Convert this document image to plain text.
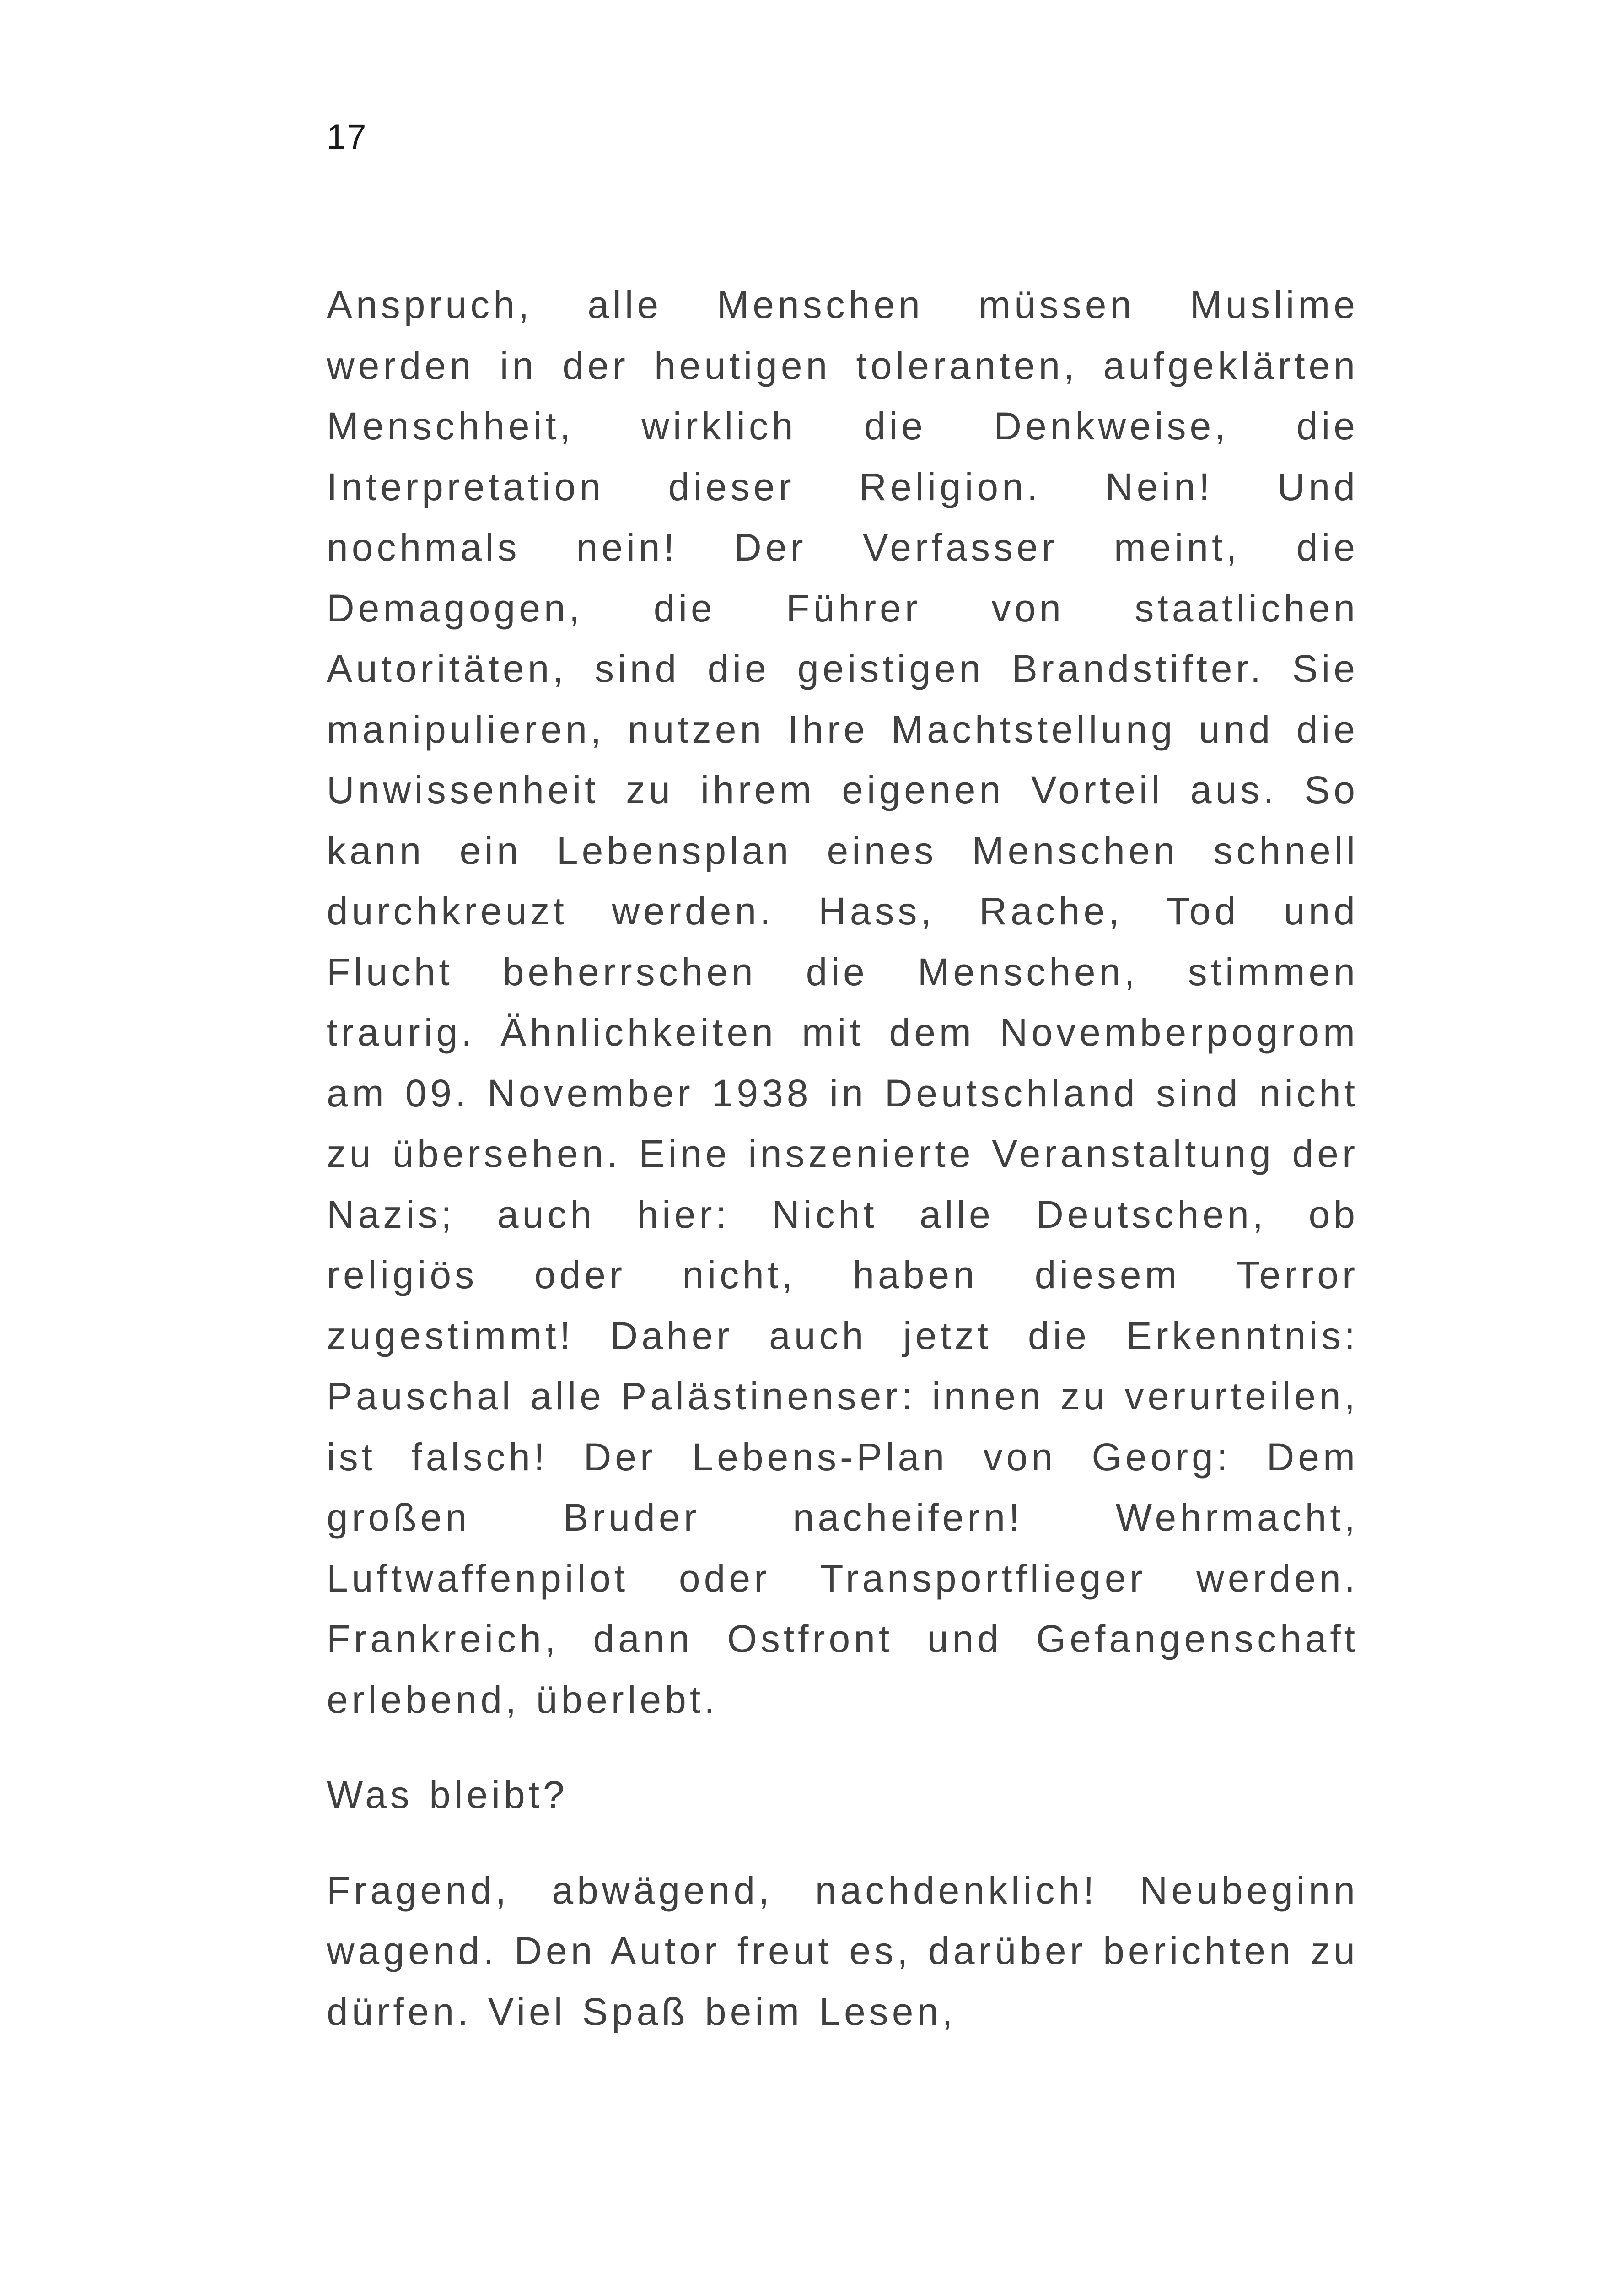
17

Anspruch, alle Menschen müssen Muslime werden in der heutigen toleranten, aufgeklärten Menschheit, wirklich die Denkweise, die Interpretation dieser Religion. Nein! Und nochmals nein! Der Verfasser meint, die Demagogen, die Führer von staatlichen Autoritäten, sind die geistigen Brandstifter. Sie manipulieren, nutzen Ihre Machtstellung und die Unwissenheit zu ihrem eigenen Vorteil aus. So kann ein Lebensplan eines Menschen schnell durchkreuzt werden. Hass, Rache, Tod und Flucht beherrschen die Menschen, stimmen traurig. Ähnlichkeiten mit dem Novemberpogrom am 09. November 1938 in Deutschland sind nicht zu übersehen. Eine inszenierte Veranstaltung der Nazis; auch hier: Nicht alle Deutschen, ob religiös oder nicht, haben diesem Terror zugestimmt! Daher auch jetzt die Erkenntnis: Pauschal alle Palästinenser: innen zu verurteilen, ist falsch! Der Lebens-Plan von Georg: Dem großen Bruder nacheifern! Wehrmacht, Luftwaffenpilot oder Transportflieger werden. Frankreich, dann Ostfront und Gefangenschaft erlebend, überlebt.

Was bleibt?

Fragend, abwägend, nachdenklich! Neubeginn wagend. Den Autor freut es, darüber berichten zu dürfen. Viel Spaß beim Lesen,
